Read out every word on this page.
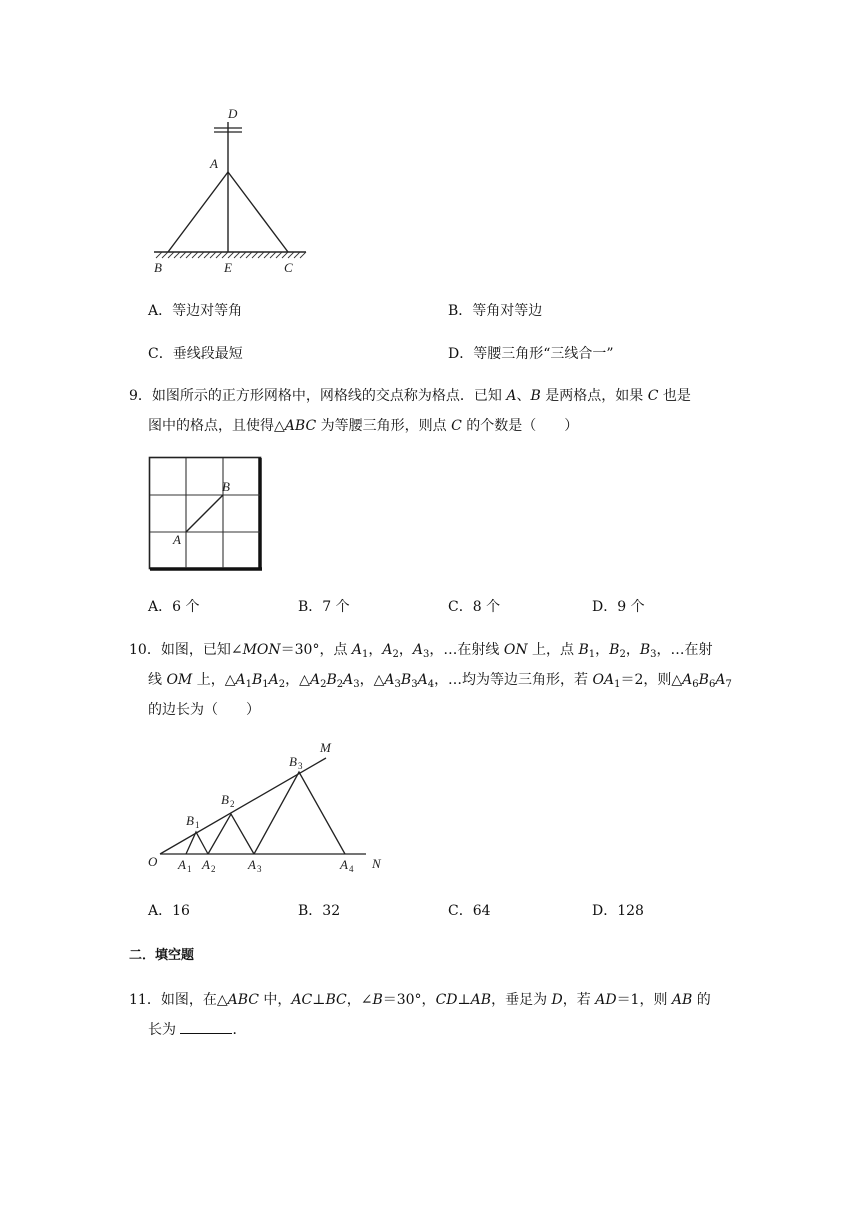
D
A
B	E	C
A．等边对等角	B．等角对等边
C．垂线段最短	D．等腰三角形“三线合一”
9．如图所示的正方形网格中，网格线的交点称为格点．已知 A、B 是两格点，如果 C 也是
图中的格点，且使得△ABC 为等腰三角形，则点 C 的个数是（　　）
B
A
A．6 个	B．7 个	C．8 个	D．9 个
10．如图，已知∠MON＝30°，点 $A_1$，$A_2$，$A_3$，…在射线 ON 上，点 $B_1$，$B_2$，$B_3$，…在射
线 OM 上，$\triangle A_1B_1A_2$，$\triangle A_2B_2A_3$，$\triangle A_3B_3A_4$，…均为等边三角形，若 $OA_1=2$，则$\triangle A_6B_6A_7$
的边长为（　　）
O	N
M
A 1 A 2	A 3	A 4
B 1
B 2
B 3
A．16	B．32	C．64	D．128
二．填空题
11．如图，在△ABC 中，AC⊥BC，∠B＝30°，CD⊥AB，垂足为 D，若 AD＝1，则 AB 的
长为	．
